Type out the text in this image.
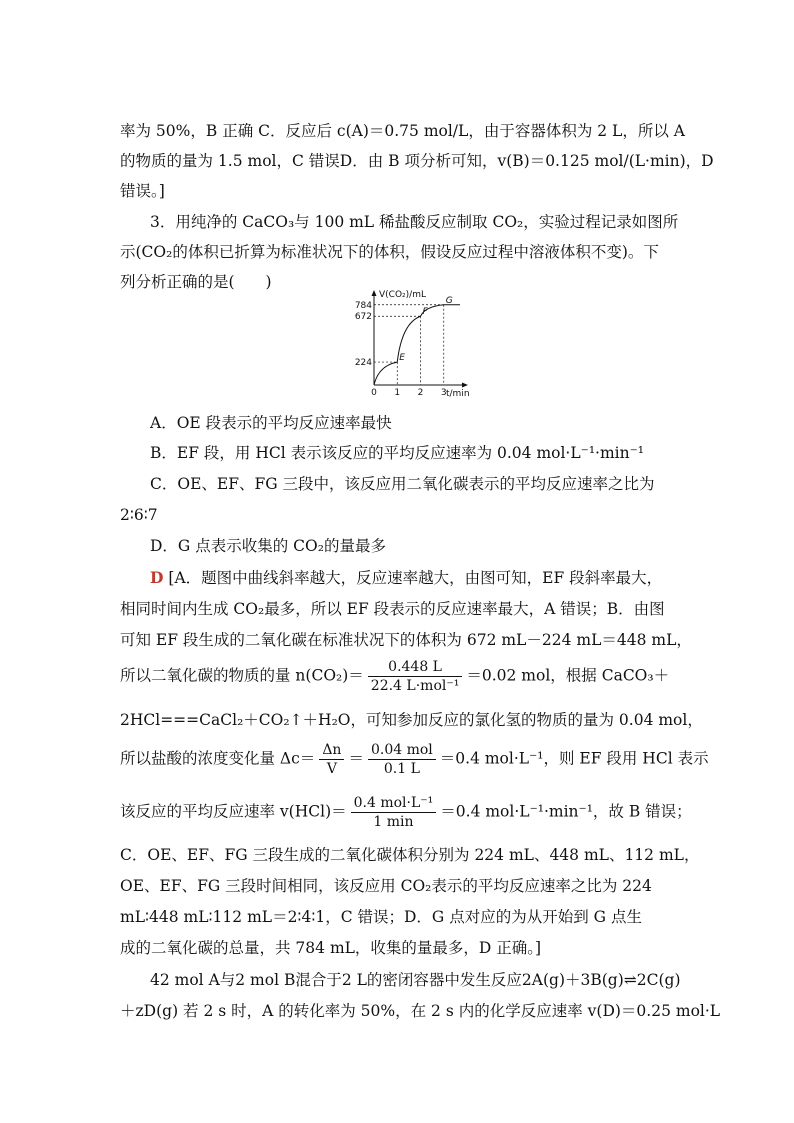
率为 50%，B 正确 C．反应后 c(A)＝0.75 mol/L，由于容器体积为 2 L，所以 A
的物质的量为 1.5 mol，C 错误D．由 B 项分析可知，v(B)＝0.125 mol/(L·min)，D
错误。]
3．用纯净的 CaCO₃与 100 mL 稀盐酸反应制取 CO₂，实验过程记录如图所
示(CO₂的体积已折算为标准状况下的体积，假设反应过程中溶液体积不变)。下
列分析正确的是(　　)
V(CO₂)/mL
t/min
224
672
784
0 1 2 3
E
F
G
A．OE 段表示的平均反应速率最快
B．EF 段，用 HCl 表示该反应的平均反应速率为 0.04 mol·L⁻¹·min⁻¹
C．OE、EF、FG 三段中，该反应用二氧化碳表示的平均反应速率之比为
2∶6∶7
D．G 点表示收集的 CO₂的量最多
D [A．题图中曲线斜率越大，反应速率越大，由图可知，EF 段斜率最大，
相同时间内生成 CO₂最多，所以 EF 段表示的反应速率最大，A 错误；B．由图
可知 EF 段生成的二氧化碳在标准状况下的体积为 672 mL－224 mL＝448 mL，
所以二氧化碳的物质的量 $n(CO_2)= \frac{0.448 L}{\text{22.4 L·mol⁻¹}} =0.02$ mol，根据 CaCO₃＋
2HCl===CaCl₂＋CO₂↑＋H₂O，可知参加反应的氯化氢的物质的量为 0.04 mol，
所以盐酸的浓度变化量 $\Delta c= \frac{\Delta n}{V} = \frac{\text{0.04 mol}}{0.1 L} =0.4$ mol·L⁻¹，则 EF 段用 HCl 表示
该反应的平均反应速率 $v(HCl)= \frac{\text{0.4 mol·L⁻¹}}{1 \min} =0.4$ mol·L⁻¹·min⁻¹，故 B 错误；
C．OE、EF、FG 三段生成的二氧化碳体积分别为 224 mL、448 mL、112 mL，
OE、EF、FG 三段时间相同，该反应用 CO₂表示的平均反应速率之比为 224
mL∶448 mL∶112 mL＝2∶4∶1，C 错误；D．G 点对应的为从开始到 G 点生
成的二氧化碳的总量，共 784 mL，收集的量最多，D 正确。]
42 mol A与2 mol B混合于2 L的密闭容器中发生反应2A(g)＋3B(g)⇌2C(g)
＋zD(g) 若 2 s 时，A 的转化率为 50%，在 2 s 内的化学反应速率 v(D)＝0.25 mol·L
